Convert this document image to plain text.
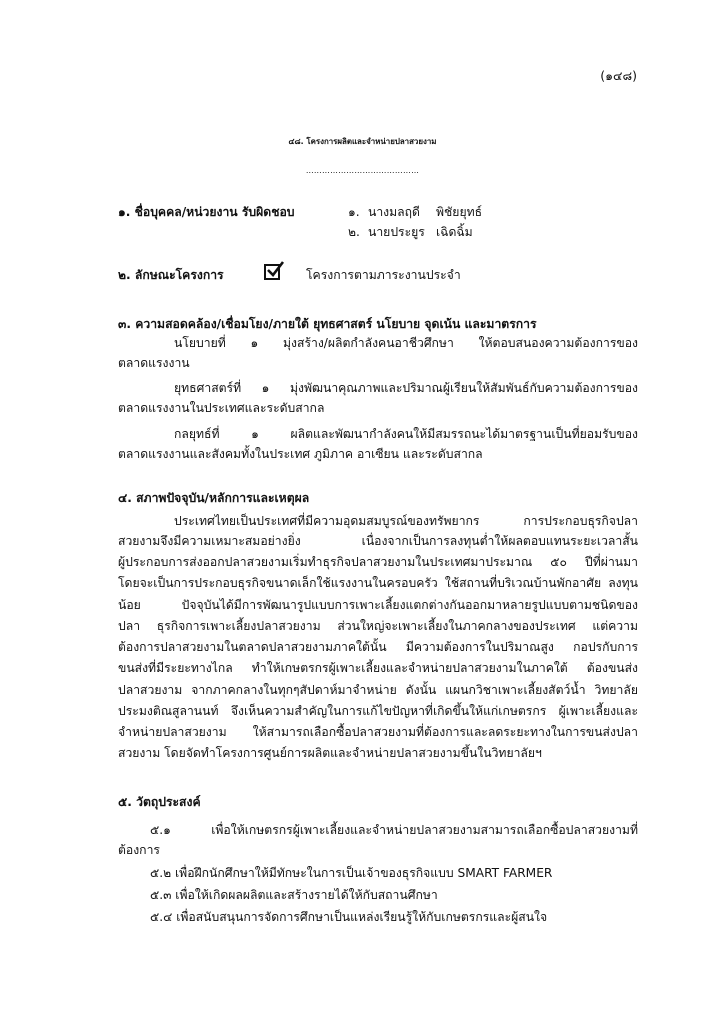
(๑๔๘)
๔๘. โครงการผลิตและจำหน่ายปลาสวยงาม
……………………………………
๑. ชื่อบุคคล/หน่วยงาน รับผิดชอบ	๑. นางมลฤดี พิชัยยุทธ์
๒. นายประยูร เฉิดฉิ้ม
๒. ลักษณะโครงการ	โครงการตามภาระงานประจำ
๓. ความสอดคล้อง/เชื่อมโยง/ภายใต้ ยุทธศาสตร์ นโยบาย จุดเน้น และมาตรการ
นโยบายที่ ๑ มุ่งสร้าง/ผลิตกำลังคนอาชีวศึกษา ให้ตอบสนองความต้องการของ
ตลาดแรงงาน
ยุทธศาสตร์ที่ ๑ มุ่งพัฒนาคุณภาพและปริมาณผู้เรียนให้สัมพันธ์กับความต้องการของ
ตลาดแรงงานในประเทศและระดับสากล
กลยุทธ์ที่ ๑ ผลิตและพัฒนากำลังคนให้มีสมรรถนะได้มาตรฐานเป็นที่ยอมรับของ
ตลาดแรงงานและสังคมทั้งในประเทศ ภูมิภาค อาเซียน และระดับสากล
๔. สภาพปัจจุบัน/หลักการและเหตุผล
ประเทศไทยเป็นประเทศที่มีความอุดมสมบูรณ์ของทรัพยากร การประกอบธุรกิจปลา
สวยงามจึงมีความเหมาะสมอย่างยิ่ง เนื่องจากเป็นการลงทุนต่ำให้ผลตอบแทนระยะเวลาสั้น
ผู้ประกอบการส่งออกปลาสวยงามเริ่มทำธุรกิจปลาสวยงามในประเทศมาประมาณ ๕๐ ปีที่ผ่านมา
โดยจะเป็นการประกอบธุรกิจขนาดเล็กใช้แรงงานในครอบครัว ใช้สถานที่บริเวณบ้านพักอาศัย ลงทุน
น้อย ปัจจุบันได้มีการพัฒนารูปแบบการเพาะเลี้ยงแตกต่างกันออกมาหลายรูปแบบตามชนิดของ
ปลา ธุรกิจการเพาะเลี้ยงปลาสวยงาม ส่วนใหญ่จะเพาะเลี้ยงในภาคกลางของประเทศ แต่ความ
ต้องการปลาสวยงามในตลาดปลาสวยงามภาคใต้นั้น มีความต้องการในปริมาณสูง กอปรกับการ
ขนส่งที่มีระยะทางไกล ทำให้เกษตรกรผู้เพาะเลี้ยงและจำหน่ายปลาสวยงามในภาคใต้ ต้องขนส่ง
ปลาสวยงาม จากภาคกลางในทุกๆสัปดาห์มาจำหน่าย ดังนั้น แผนกวิชาเพาะเลี้ยงสัตว์น้ำ วิทยาลัย
ประมงติณสูลานนท์ จึงเห็นความสำคัญในการแก้ไขปัญหาที่เกิดขึ้นให้แก่เกษตรกร ผู้เพาะเลี้ยงและ
จำหน่ายปลาสวยงาม ให้สามารถเลือกซื้อปลาสวยงามที่ต้องการและลดระยะทางในการขนส่งปลา
สวยงาม โดยจัดทำโครงการศูนย์การผลิตและจำหน่ายปลาสวยงามขึ้นในวิทยาลัยฯ
๕. วัตถุประสงค์
๕.๑ เพื่อให้เกษตรกรผู้เพาะเลี้ยงและจำหน่ายปลาสวยงามสามารถเลือกซื้อปลาสวยงามที่
ต้องการ
๕.๒ เพื่อฝึกนักศึกษาให้มีทักษะในการเป็นเจ้าของธุรกิจแบบ SMART FARMER
๕.๓ เพื่อให้เกิดผลผลิตและสร้างรายได้ให้กับสถานศึกษา
๕.๔ เพื่อสนับสนุนการจัดการศึกษาเป็นแหล่งเรียนรู้ให้กับเกษตรกรและผู้สนใจ
